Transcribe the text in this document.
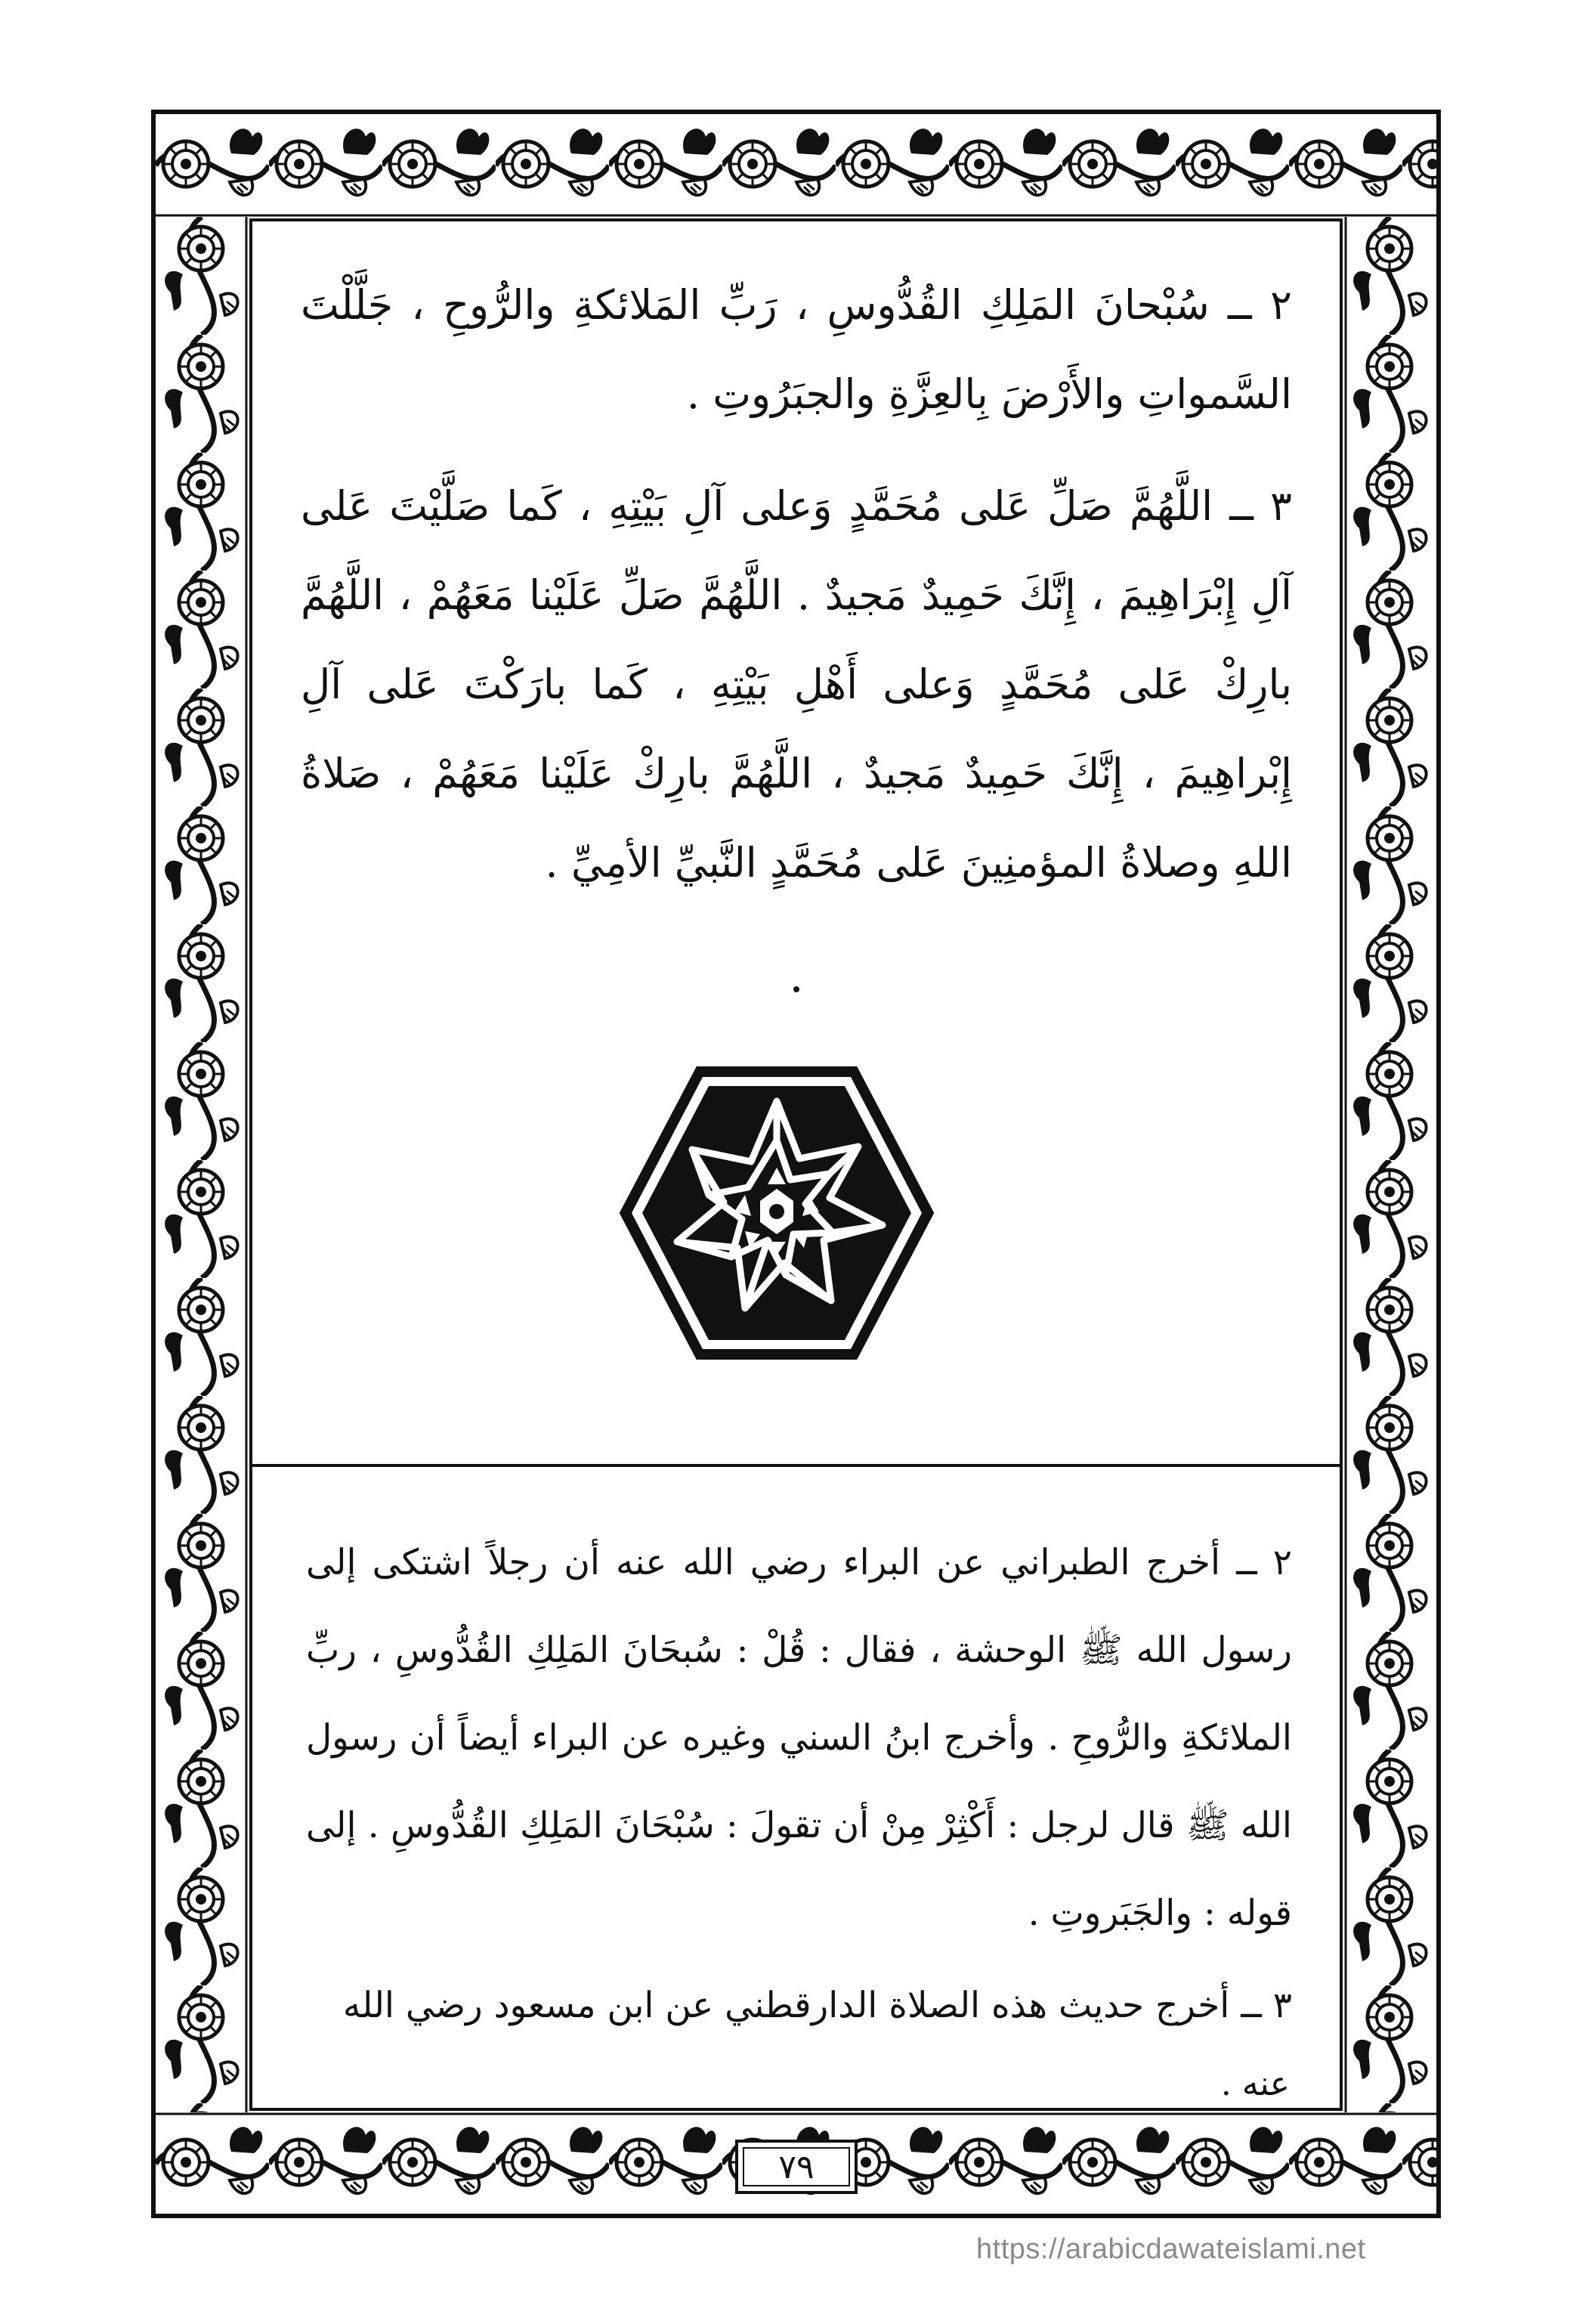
٢ ــ سُبْحانَ المَلِكِ القُدُّوسِ ، رَبِّ المَلائكةِ والرُّوحِ ، جَلَّلْتَ السَّمواتِ والأَرْضَ بِالعِزَّةِ والجبَرُوتِ .

٣ ــ اللَّهُمَّ صَلِّ عَلى مُحَمَّدٍ وَعلى آلِ بَيْتِهِ ، كَما صَلَّيْتَ عَلى آلِ إِبْرَاهِيمَ ، إِنَّكَ حَمِيدٌ مَجيدٌ . اللَّهُمَّ صَلِّ عَلَيْنا مَعَهُمْ ، اللَّهُمَّ بارِكْ عَلى مُحَمَّدٍ وَعلى أَهْلِ بَيْتِهِ ، كَما بارَكْتَ عَلى آلِ إِبْراهِيمَ ، إِنَّكَ حَمِيدٌ مَجيدٌ ، اللَّهُمَّ بارِكْ عَلَيْنا مَعَهُمْ ، صَلاةُ اللهِ وصلاةُ المؤمنِينَ عَلى مُحَمَّدٍ النَّبيِّ الأمِيِّ .

٢ ــ أخرج الطبراني عن البراء رضي الله عنه أن رجلاً اشتكى إلى رسول الله ﷺ الوحشة ، فقال : قُلْ : سُبحَانَ المَلِكِ القُدُّوسِ ، ربِّ الملائكةِ والرُّوحِ . وأخرج ابنُ السني وغيره عن البراء أيضاً أن رسول الله ﷺ قال لرجل : أَكْثِرْ مِنْ أن تقولَ : سُبْحَانَ المَلِكِ القُدُّوسِ . إلى قوله : والجَبَروتِ .

٣ ــ أخرج حديث هذه الصلاة الدارقطني عن ابن مسعود رضي الله

عنه .

٧٩
https://arabicdawateislami.net
